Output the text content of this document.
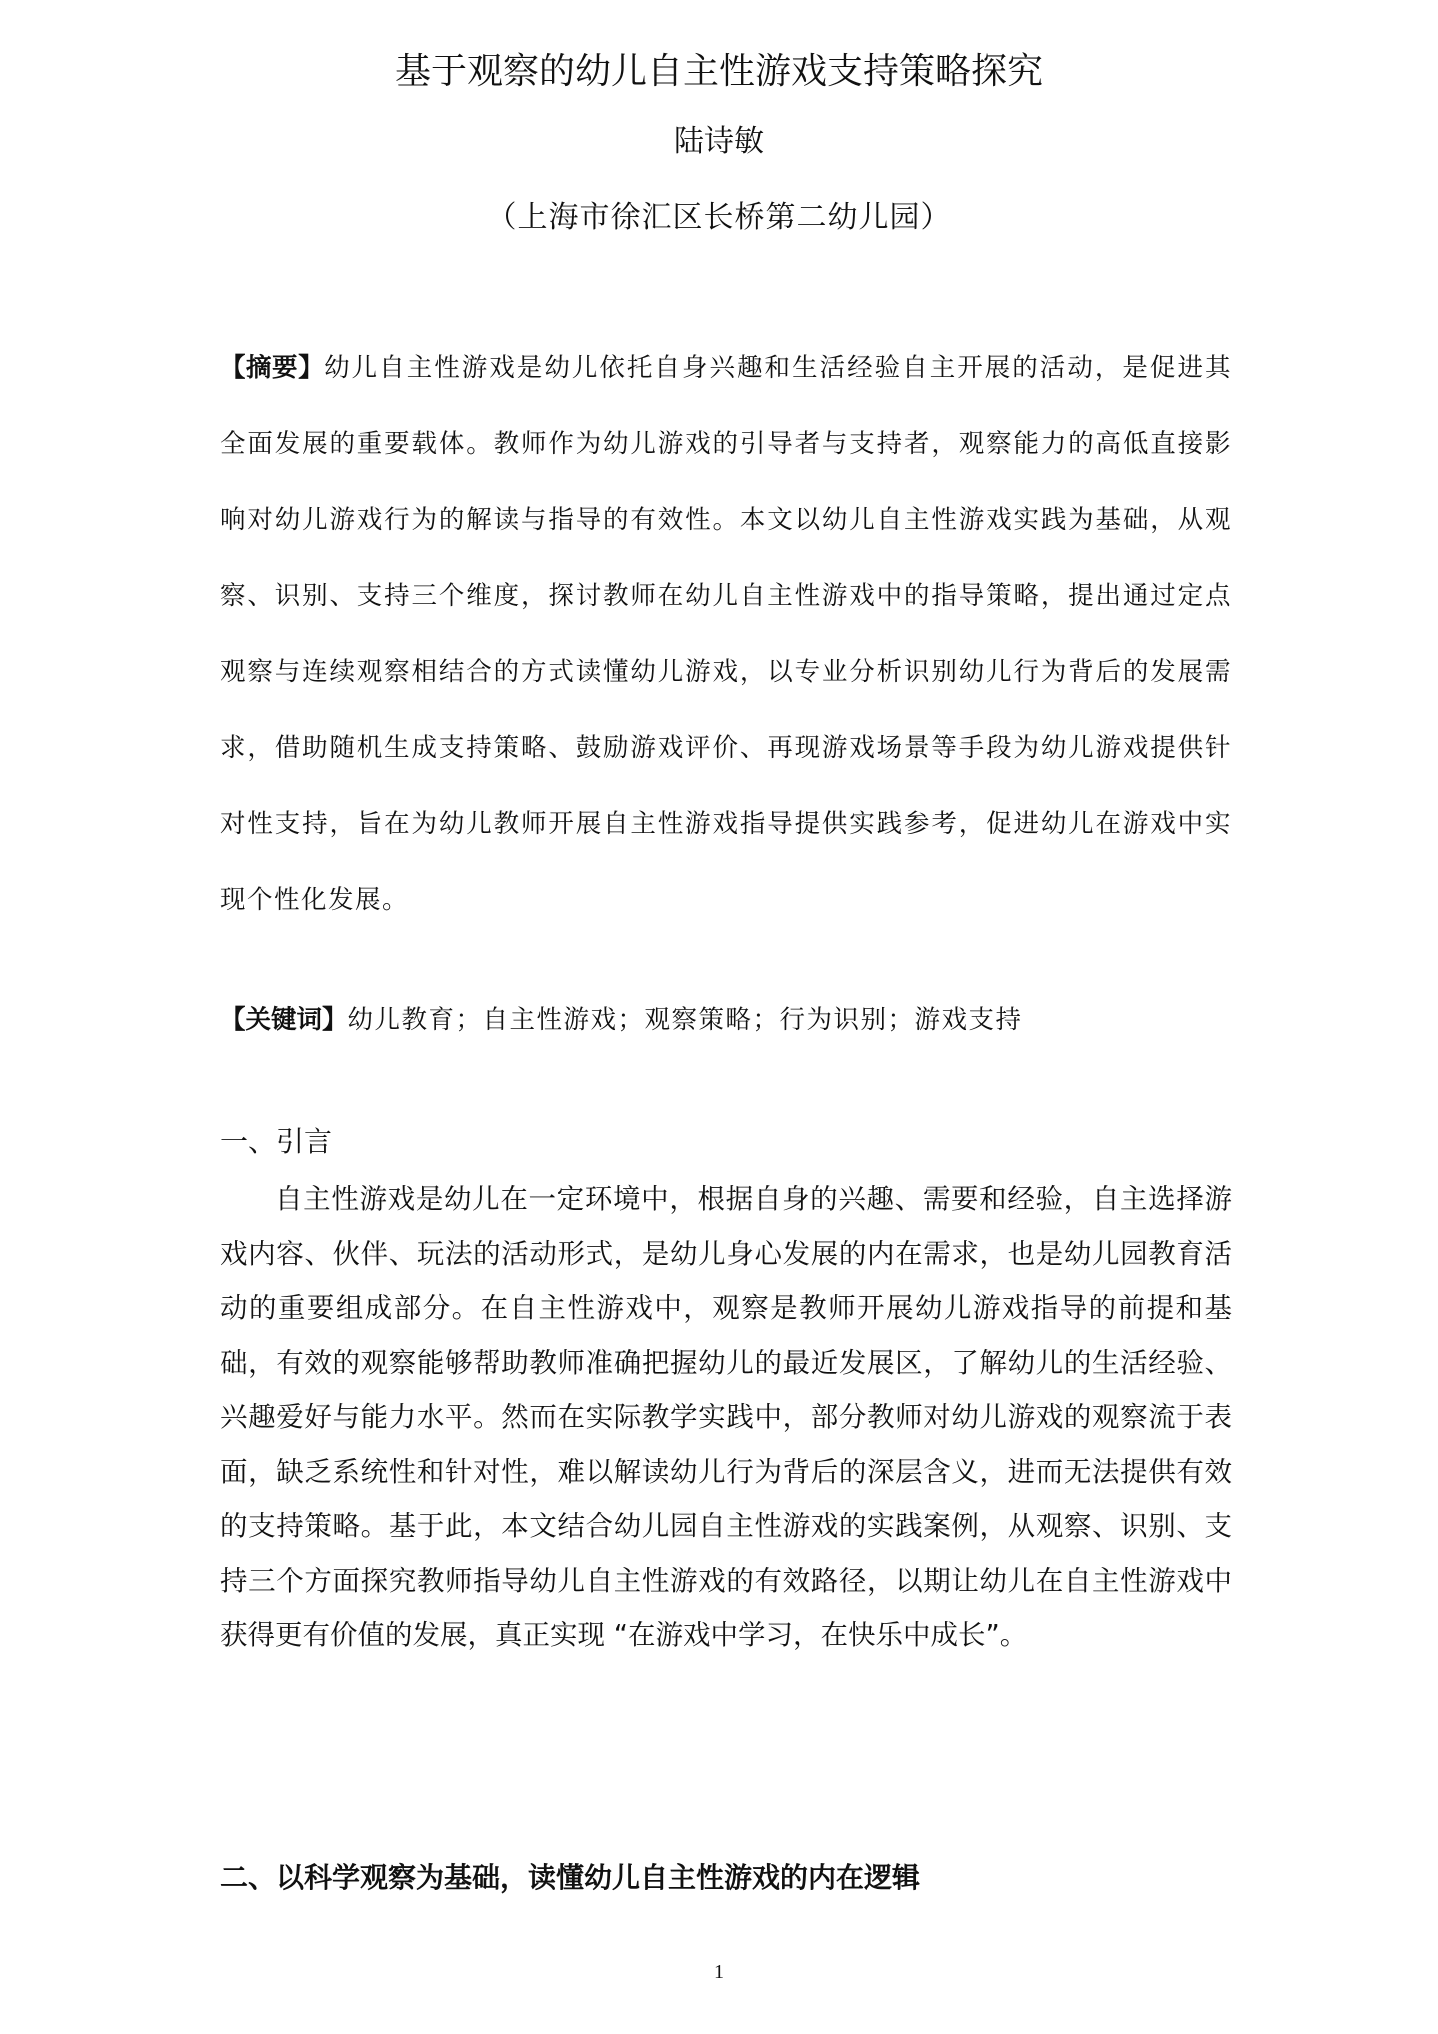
基于观察的幼儿自主性游戏支持策略探究
陆诗敏
（上海市徐汇区长桥第二幼儿园）

【摘要】幼儿自主性游戏是幼儿依托自身兴趣和生活经验自主开展的活动，是促进其全面发展的重要载体。教师作为幼儿游戏的引导者与支持者，观察能力的高低直接影响对幼儿游戏行为的解读与指导的有效性。本文以幼儿自主性游戏实践为基础，从观察、识别、支持三个维度，探讨教师在幼儿自主性游戏中的指导策略，提出通过定点观察与连续观察相结合的方式读懂幼儿游戏，以专业分析识别幼儿行为背后的发展需求，借助随机生成支持策略、鼓励游戏评价、再现游戏场景等手段为幼儿游戏提供针对性支持，旨在为幼儿教师开展自主性游戏指导提供实践参考，促进幼儿在游戏中实现个性化发展。

【关键词】幼儿教育；自主性游戏；观察策略；行为识别；游戏支持

一、引言

自主性游戏是幼儿在一定环境中，根据自身的兴趣、需要和经验，自主选择游戏内容、伙伴、玩法的活动形式，是幼儿身心发展的内在需求，也是幼儿园教育活动的重要组成部分。在自主性游戏中，观察是教师开展幼儿游戏指导的前提和基础，有效的观察能够帮助教师准确把握幼儿的最近发展区，了解幼儿的生活经验、兴趣爱好与能力水平。然而在实际教学实践中，部分教师对幼儿游戏的观察流于表面，缺乏系统性和针对性，难以解读幼儿行为背后的深层含义，进而无法提供有效的支持策略。基于此，本文结合幼儿园自主性游戏的实践案例，从观察、识别、支持三个方面探究教师指导幼儿自主性游戏的有效路径，以期让幼儿在自主性游戏中获得更有价值的发展，真正实现 “在游戏中学习，在快乐中成长”。

二、以科学观察为基础，读懂幼儿自主性游戏的内在逻辑
1
